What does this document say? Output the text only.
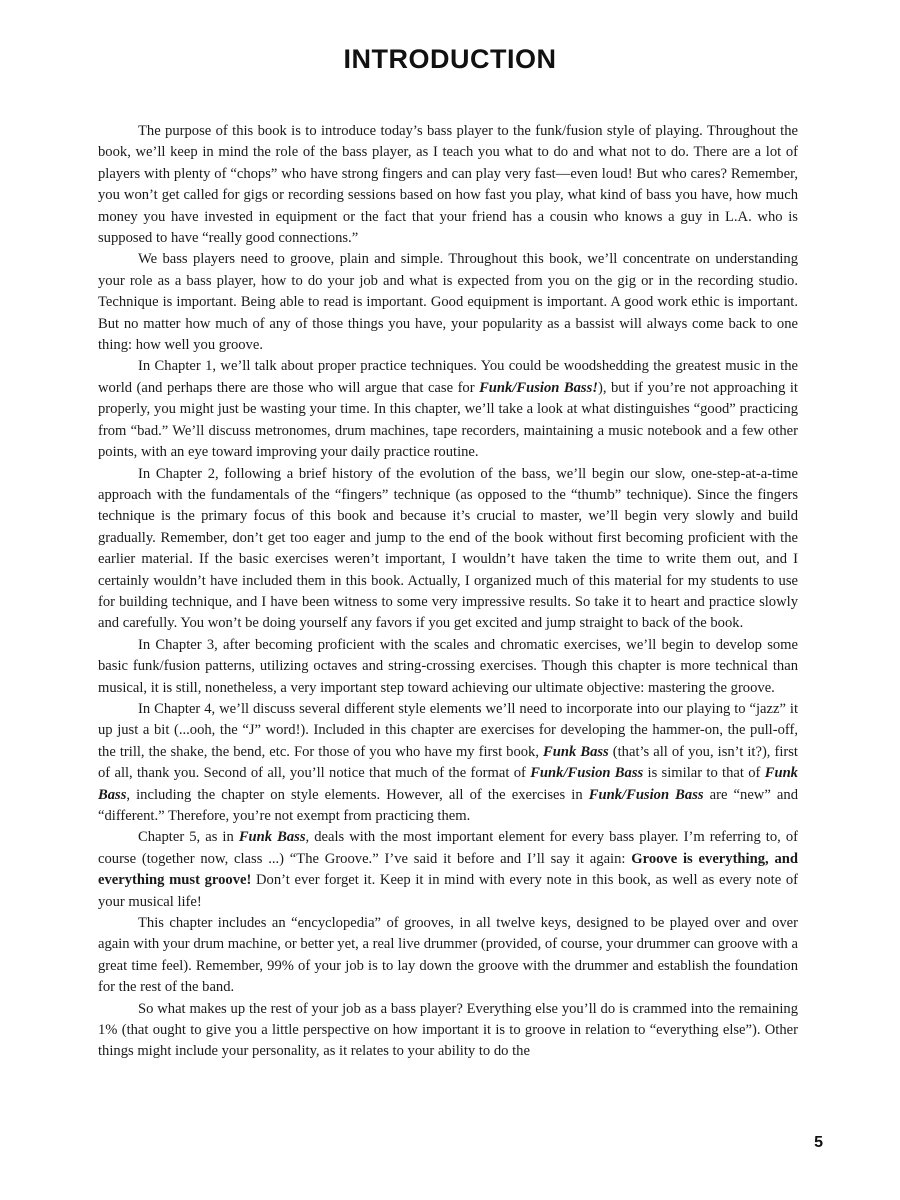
INTRODUCTION

The purpose of this book is to introduce today’s bass player to the funk/fusion style of playing. Throughout the book, we’ll keep in mind the role of the bass player, as I teach you what to do and what not to do. There are a lot of players with plenty of “chops” who have strong fingers and can play very fast—even loud! But who cares? Remember, you won’t get called for gigs or recording sessions based on how fast you play, what kind of bass you have, how much money you have invested in equipment or the fact that your friend has a cousin who knows a guy in L.A. who is supposed to have “really good connections.”

We bass players need to groove, plain and simple. Throughout this book, we’ll concentrate on understanding your role as a bass player, how to do your job and what is expected from you on the gig or in the recording studio. Technique is important. Being able to read is important. Good equipment is important. A good work ethic is important. But no matter how much of any of those things you have, your popularity as a bassist will always come back to one thing: how well you groove.

In Chapter 1, we’ll talk about proper practice techniques. You could be woodshedding the greatest music in the world (and perhaps there are those who will argue that case for Funk/Fusion Bass!), but if you’re not approaching it properly, you might just be wasting your time. In this chapter, we’ll take a look at what distinguishes “good” practicing from “bad.” We’ll discuss metronomes, drum machines, tape recorders, maintaining a music notebook and a few other points, with an eye toward improving your daily practice routine.

In Chapter 2, following a brief history of the evolution of the bass, we’ll begin our slow, one-step-at-a-time approach with the fundamentals of the “fingers” technique (as opposed to the “thumb” technique). Since the fingers technique is the primary focus of this book and because it’s crucial to master, we’ll begin very slowly and build gradually. Remember, don’t get too eager and jump to the end of the book without first becoming proficient with the earlier material. If the basic exercises weren’t important, I wouldn’t have taken the time to write them out, and I certainly wouldn’t have included them in this book. Actually, I organized much of this material for my students to use for building technique, and I have been witness to some very impressive results. So take it to heart and practice slowly and carefully. You won’t be doing yourself any favors if you get excited and jump straight to back of the book.

In Chapter 3, after becoming proficient with the scales and chromatic exercises, we’ll begin to develop some basic funk/fusion patterns, utilizing octaves and string-crossing exercises. Though this chapter is more technical than musical, it is still, nonetheless, a very important step toward achieving our ultimate objective: mastering the groove.

In Chapter 4, we’ll discuss several different style elements we’ll need to incorporate into our playing to “jazz” it up just a bit (...ooh, the “J” word!). Included in this chapter are exercises for developing the hammer-on, the pull-off, the trill, the shake, the bend, etc. For those of you who have my first book, Funk Bass (that’s all of you, isn’t it?), first of all, thank you. Second of all, you’ll notice that much of the format of Funk/Fusion Bass is similar to that of Funk Bass, including the chapter on style elements. However, all of the exercises in Funk/Fusion Bass are “new” and “different.” Therefore, you’re not exempt from practicing them.

Chapter 5, as in Funk Bass, deals with the most important element for every bass player. I’m referring to, of course (together now, class ...) “The Groove.” I’ve said it before and I’ll say it again: Groove is everything, and everything must groove! Don’t ever forget it. Keep it in mind with every note in this book, as well as every note of your musical life!

This chapter includes an “encyclopedia” of grooves, in all twelve keys, designed to be played over and over again with your drum machine, or better yet, a real live drummer (provided, of course, your drummer can groove with a great time feel). Remember, 99% of your job is to lay down the groove with the drummer and establish the foundation for the rest of the band.

So what makes up the rest of your job as a bass player? Everything else you’ll do is crammed into the remaining 1% (that ought to give you a little perspective on how important it is to groove in relation to “everything else”). Other things might include your personality, as it relates to your ability to do the

5
